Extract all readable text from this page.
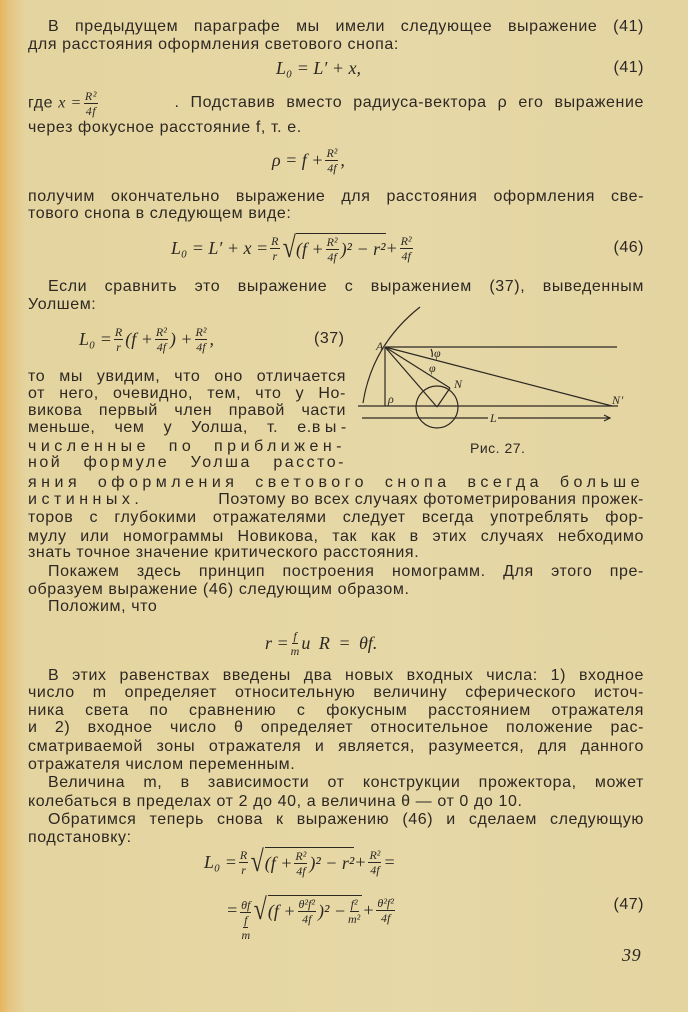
В предыдущем параграфе мы имели следующее выражение (41)
для расстояния оформления светового снопа:
L₀ = L′ + x,	(41)
где $x = \frac{\text{R²}}{4f}$	. Подставив вместо радиуса-вектора ρ его выражение
через фокусное расстояние f, т. е.
$\rho = f + \frac{\text{R²}}{4f}$ ,
получим окончательно выражение для расстояния оформления све-
тового снопа в следующем виде:
$L_0 = L' + x = \frac{R}{r}$ √ $(f + \frac{\text{R²}}{4f} )^2 - r^2 + \frac{\text{R²}}{4f}$	(46)
Если сравнить это выражение с выражением (37), выведенным
Уолшем:
$L_0 = \frac{R}{r} (f + \frac{\text{R²}}{4f}$ ) + $\frac{\text{R²}}{4f}$ ,	(37)
то мы увидим, что оно отличается
от него, очевидно, тем, что у Но-
викова первый член правой части
меньше, чем у Уолша, т. е. вы-
численные по приближен-
ной формуле Уолша рассто-
яния оформления светового снопа всегда больше
истинных.	Поэтому во всех случаях фотометрирования прожек-
торов с глубокими отражателями следует всегда употреблять фор-
мулу или номограммы Новикова, так как в этих случаях небходимо
знать точное значение критического расстояния.
A	φ
φ
N
N′
ρ
L
Рис. 27.
Покажем здесь принцип построения номограмм. Для этого пре-
образуем выражение (46) следующим образом.
Положим, что
$r = \frac{f}{m}$ и R = θf.
В этих равенствах введены два новых входных числа: 1) входное
число m определяет относительную величину сферического источ-
ника света по сравнению с фокусным расстоянием отражателя
и 2) входное число θ определяет относительное положение рас-
сматриваемой зоны отражателя и является, разумеется, для данного
отражателя числом переменным.
Величина m, в зависимости от конструкции прожектора, может
колебаться в пределах от 2 до 40, а величина θ — от 0 до 10.
Обратимся теперь снова к выражению (46) и сделаем следующую
подстановку:
$L_0 = \frac{R}{r}$ √ $(f + \frac{\text{R²}}{4f} )^2 - r^2 + \frac{\text{R²}}{4f}$ =
= $\frac{\theta f}{\frac{f}{m}}$ √ $(f + \frac{\text{θ²f²}}{4f} )^2 - \frac{\text{f²}}{\text{m²}} + \frac{\text{θ²f²}}{4f}$	(47)
39
